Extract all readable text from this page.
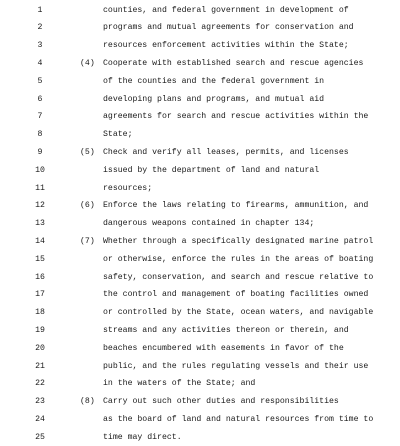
1	counties, and federal government in development of
2	programs and mutual agreements for conservation and
3	resources enforcement activities within the State;
4	(4) Cooperate with established search and rescue agencies
5	of the counties and the federal government in
6	developing plans and programs, and mutual aid
7	agreements for search and rescue activities within the
8	State;
9	(5) Check and verify all leases, permits, and licenses
10	issued by the department of land and natural
11	resources;
12	(6) Enforce the laws relating to firearms, ammunition, and
13	dangerous weapons contained in chapter 134;
14	(7) Whether through a specifically designated marine patrol
15	or otherwise, enforce the rules in the areas of boating
16	safety, conservation, and search and rescue relative to
17	the control and management of boating facilities owned
18	or controlled by the State, ocean waters, and navigable
19	streams and any activities thereon or therein, and
20	beaches encumbered with easements in favor of the
21	public, and the rules regulating vessels and their use
22	in the waters of the State; and
23	(8) Carry out such other duties and responsibilities
24	as the board of land and natural resources from time to
25	time may direct.
